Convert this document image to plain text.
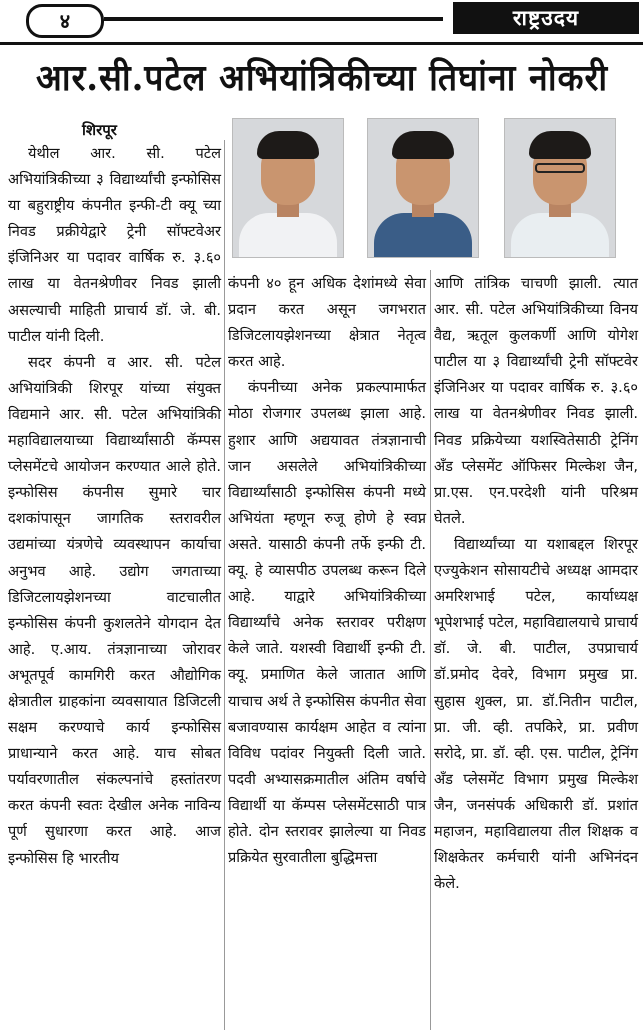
४	राष्ट्रउदय
आर.सी.पटेल अभियांत्रिकीच्या तिघांना नोकरी
शिरपूर

येथील आर. सी. पटेल अभियांत्रिकीच्या ३ विद्यार्थ्यांची इन्फोसिस या बहुराष्ट्रीय कंपनीत इन्फी-टी क्यू च्या निवड प्रक्रीयेद्वारे ट्रेनी सॉफ्टवेअर इंजिनिअर या पदावर वार्षिक रु. ३.६० लाख या वेतनश्रेणीवर निवड झाली असल्याची माहिती प्राचार्य डॉ. जे. बी. पाटील यांनी दिली.

सदर कंपनी व आर. सी. पटेल अभियांत्रिकी शिरपूर यांच्या संयुक्त विद्यमाने आर. सी. पटेल अभियांत्रिकी महाविद्यालयाच्या विद्यार्थ्यांसाठी कॅम्पस प्लेसमेंटचे आयोजन करण्यात आले होते. इन्फोसिस कंपनीस सुमारे चार दशकांपासून जागतिक स्तरावरील उद्यमांच्या यंत्रणेचे व्यवस्थापन कार्याचा अनुभव आहे. उद्योग जगताच्या डिजिटलायझेशनच्या वाटचालीत इन्फोसिस कंपनी कुशलतेने योगदान देत आहे. ए.आय. तंत्रज्ञानाच्या जोरावर अभूतपूर्व कामगिरी करत औद्योगिक क्षेत्रातील ग्राहकांना व्यवसायात डिजिटली सक्षम करण्याचे कार्य इन्फोसिस प्राधान्याने करत आहे. याच सोबत पर्यावरणातील संकल्पनांचे हस्तांतरण करत कंपनी स्वतः देखील अनेक नाविन्य पूर्ण सुधारणा करत आहे. आज इन्फोसिस हि भारतीय

कंपनी ४० हून अधिक देशांमध्ये सेवा प्रदान करत असून जगभरात डिजिटलायझेशनच्या क्षेत्रात नेतृत्व करत आहे.

कंपनीच्या अनेक प्रकल्पामार्फत मोठा रोजगार उपलब्ध झाला आहे. हुशार आणि अद्ययावत तंत्रज्ञानाची जान असलेले अभियांत्रिकीच्या विद्यार्थ्यांसाठी इन्फोसिस कंपनी मध्ये अभियंता म्हणून रुजू होणे हे स्वप्न असते. यासाठी कंपनी तर्फे इन्फी टी. क्यू. हे व्यासपीठ उपलब्ध करून दिले आहे. याद्वारे अभियांत्रिकीच्या विद्यार्थ्यांचे अनेक स्तरावर परीक्षण केले जाते. यशस्वी विद्यार्थी इन्फी टी. क्यू. प्रमाणित केले जातात आणि याचाच अर्थ ते इन्फोसिस कंपनीत सेवा बजावण्यास कार्यक्षम आहेत व त्यांना विविध पदांवर नियुक्ती दिली जाते. पदवी अभ्यासक्रमातील अंतिम वर्षाचे विद्यार्थी या कॅम्पस प्लेसमेंटसाठी पात्र होते. दोन स्तरावर झालेल्या या निवड प्रक्रियेत सुरवातीला बुद्धिमत्ता

आणि तांत्रिक चाचणी झाली. त्यात आर. सी. पटेल अभियांत्रिकीच्या विनय वैद्य, ऋतूल कुलकर्णी आणि योगेश पाटील या ३ विद्यार्थ्यांची ट्रेनी सॉफ्टवेर इंजिनिअर या पदावर वार्षिक रु. ३.६० लाख या वेतनश्रेणीवर निवड झाली. निवड प्रक्रियेच्या यशस्वितेसाठी ट्रेनिंग अँड प्लेसमेंट ऑफिसर मिल्केश जैन, प्रा.एस. एन.परदेशी यांनी परिश्रम घेतले.

विद्यार्थ्यांच्या या यशाबद्दल शिरपूर एज्युकेशन सोसायटीचे अध्यक्ष आमदार अमरिशभाई पटेल, कार्याध्यक्ष भूपेशभाई पटेल, महाविद्यालयाचे प्राचार्य डॉ. जे. बी. पाटील, उपप्राचार्य डॉ.प्रमोद देवरे, विभाग प्रमुख प्रा. सुहास शुक्ल, प्रा. डॉ.नितीन पाटील, प्रा. जी. व्ही. तपकिरे, प्रा. प्रवीण सरोदे, प्रा. डॉ. व्ही. एस. पाटील, ट्रेनिंग अँड प्लेसमेंट विभाग प्रमुख मिल्केश जैन, जनसंपर्क अधिकारी डॉ. प्रशांत महाजन, महाविद्यालया तील शिक्षक व शिक्षकेतर कर्मचारी यांनी अभिनंदन केले.
